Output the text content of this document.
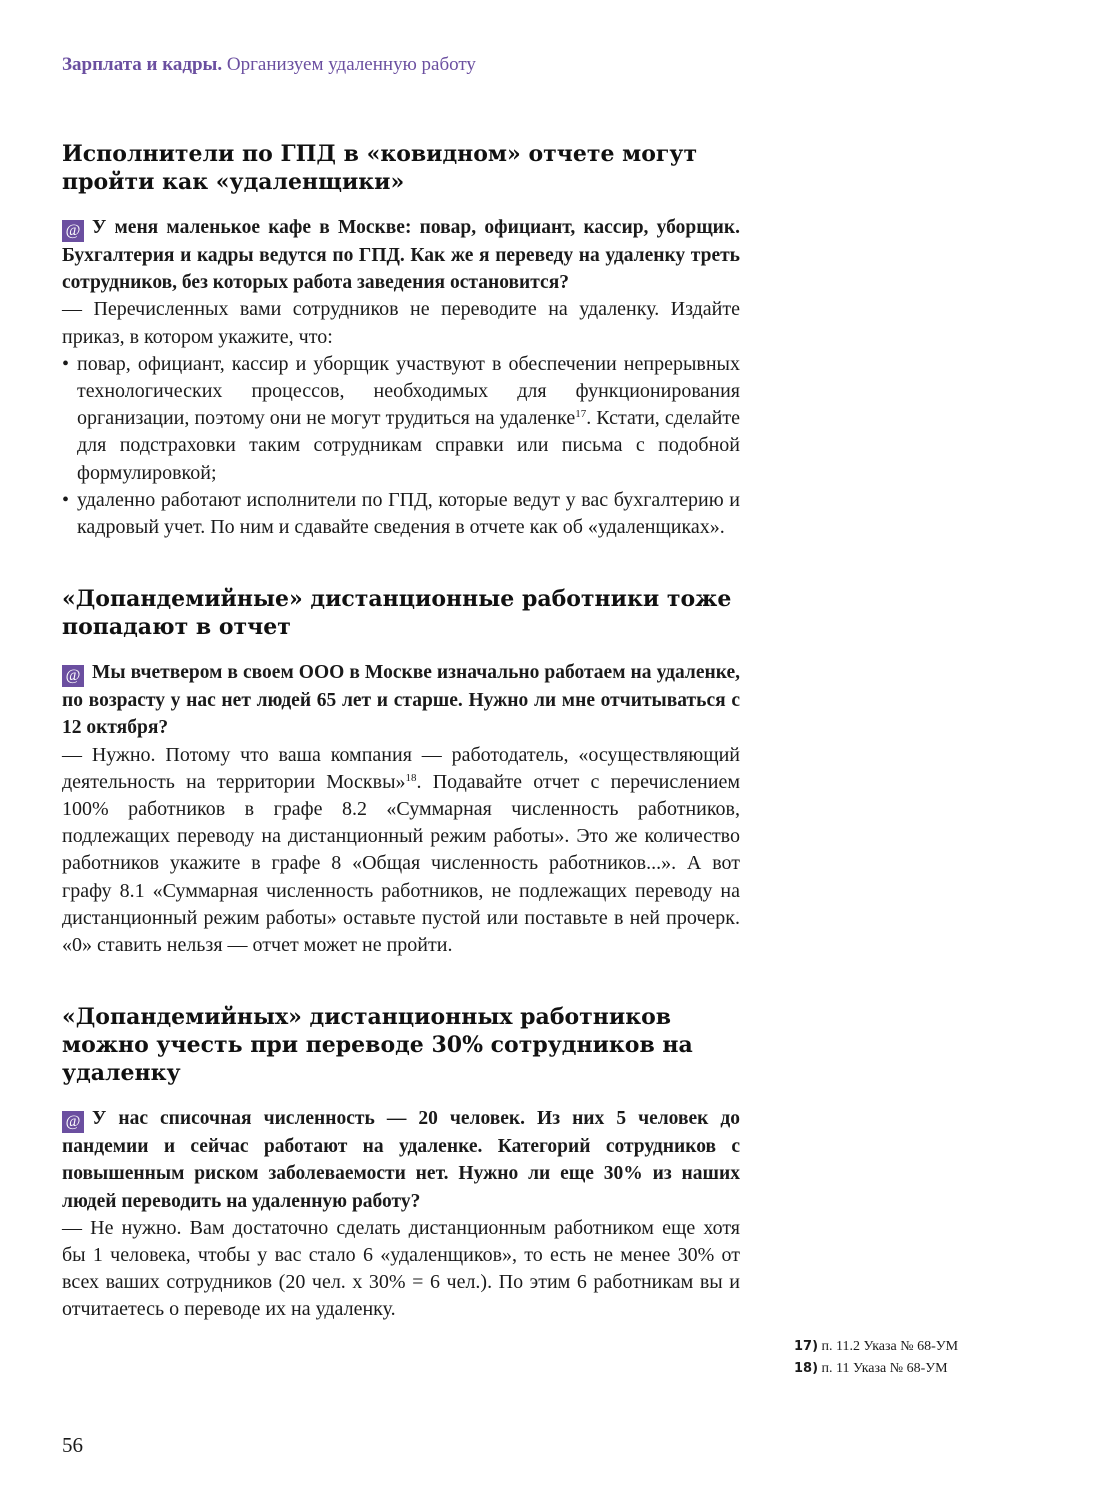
Зарплата и кадры. Организуем удаленную работу
Исполнители по ГПД в «ковидном» отчете могут пройти как «удаленщики»

@ У меня маленькое кафе в Москве: повар, официант, кассир, уборщик. Бухгалтерия и кадры ведутся по ГПД. Как же я переведу на удаленку треть сотрудников, без которых работа заведения остановится?

— Перечисленных вами сотрудников не переводите на удаленку. Издайте приказ, в котором укажите, что:

• повар, официант, кассир и уборщик участвуют в обеспечении непрерывных технологических процессов, необходимых для функционирования организации, поэтому они не могут трудиться на удаленке$^{17}$. Кстати, сделайте для подстраховки таким сотрудникам справки или письма с подобной формулировкой;
• удаленно работают исполнители по ГПД, которые ведут у вас бухгалтерию и кадровый учет. По ним и сдавайте сведения в отчете как об «удаленщиках».
«Допандемийные» дистанционные работники тоже попадают в отчет

@ Мы вчетвером в своем ООО в Москве изначально работаем на удаленке, по возрасту у нас нет людей 65 лет и старше. Нужно ли мне отчитываться с 12 октября?

— Нужно. Потому что ваша компания — работодатель, «осуществляющий деятельность на территории Москвы»$^{18}$. Подавайте отчет с перечислением 100% работников в графе 8.2 «Суммарная численность работников, подлежащих переводу на дистанционный режим работы». Это же количество работников укажите в графе 8 «Общая численность работников...». А вот графу 8.1 «Суммарная численность работников, не подлежащих переводу на дистанционный режим работы» оставьте пустой или поставьте в ней прочерк. «0» ставить нельзя — отчет может не пройти.

«Допандемийных» дистанционных работников можно учесть при переводе 30% сотрудников на удаленку

@ У нас списочная численность — 20 человек. Из них 5 человек до пандемии и сейчас работают на удаленке. Категорий сотрудников с повышенным риском заболеваемости нет. Нужно ли еще 30% из наших людей переводить на удаленную работу?

— Не нужно. Вам достаточно сделать дистанционным работником еще хотя бы 1 человека, чтобы у вас стало 6 «удаленщиков», то есть не менее 30% от всех ваших сотрудников (20 чел. x 30% = 6 чел.). По этим 6 работникам вы и отчитаетесь о переводе их на удаленку.

17) п. 11.2 Указа № 68-УМ
18) п. 11 Указа № 68-УМ
56
